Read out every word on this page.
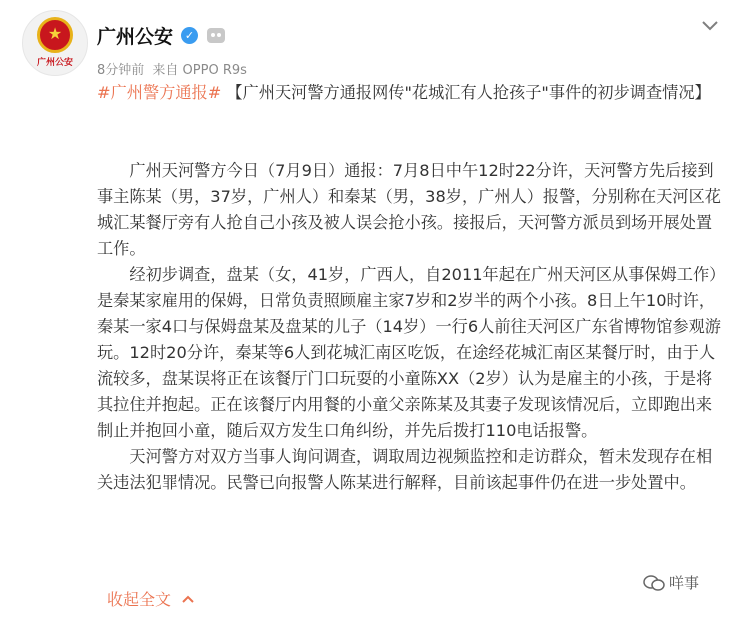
★
广州公安
广州公安	✓
8分钟前 来自 OPPO R9s

#广州警方通报# 【广州天河警方通报网传"花城汇有人抢孩子"事件的初步调查情况】

广州天河警方今日（7月9日）通报：7月8日中午12时22分许，天河警方先后接到事主陈某（男，37岁，广州人）和秦某（男，38岁，广州人）报警，分别称在天河区花城汇某餐厅旁有人抢自己小孩及被人误会抢小孩。接报后，天河警方派员到场开展处置工作。

经初步调查，盘某（女，41岁，广西人，自2011年起在广州天河区从事保姆工作）是秦某家雇用的保姆，日常负责照顾雇主家7岁和2岁半的两个小孩。8日上午10时许，秦某一家4口与保姆盘某及盘某的儿子（14岁）一行6人前往天河区广东省博物馆参观游玩。12时20分许，秦某等6人到花城汇南区吃饭，在途经花城汇南区某餐厅时，由于人流较多，盘某误将正在该餐厅门口玩耍的小童陈XX（2岁）认为是雇主的小孩，于是将其拉住并抱起。正在该餐厅内用餐的小童父亲陈某及其妻子发现该情况后，立即跑出来制止并抱回小童，随后双方发生口角纠纷，并先后拨打110电话报警。

天河警方对双方当事人询问调查，调取周边视频监控和走访群众，暂未发现存在相关违法犯罪情况。民警已向报警人陈某进行解释，目前该起事件仍在进一步处置中。

收起全文
咩事
